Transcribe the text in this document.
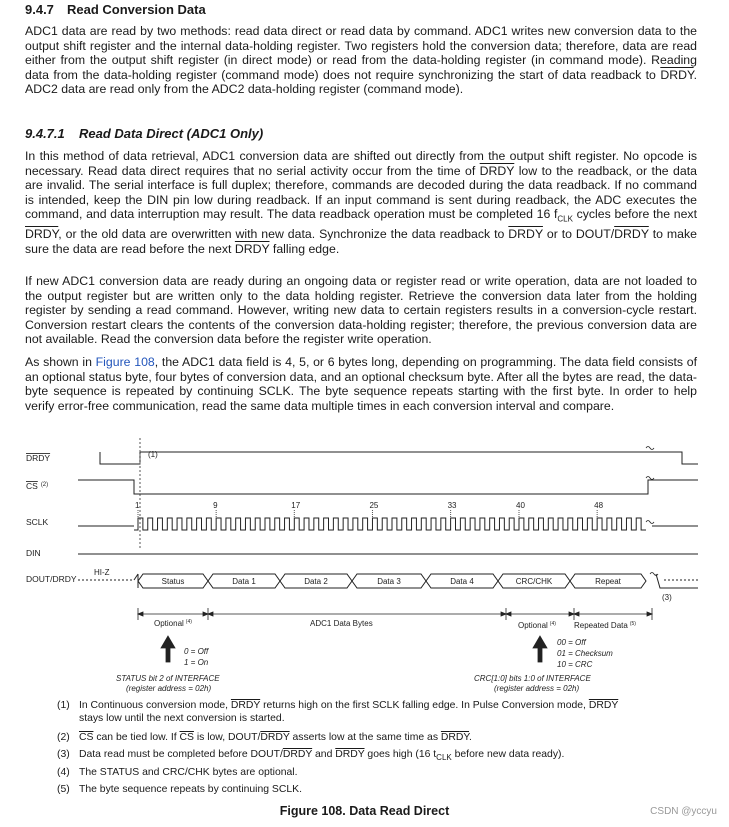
9.4.7 Read Conversion Data

ADC1 data are read by two methods: read data direct or read data by command. ADC1 writes new conversion data to the output shift register and the internal data-holding register. Two registers hold the conversion data; therefore, data are read either from the output shift register (in direct mode) or read from the data-holding register (in command mode). Reading data from the data-holding register (command mode) does not require synchronizing the start of data readback to DRDY. ADC2 data are read only from the ADC2 data-holding register (command mode).

9.4.7.1 Read Data Direct (ADC1 Only)

In this method of data retrieval, ADC1 conversion data are shifted out directly from the output shift register. No opcode is necessary. Read data direct requires that no serial activity occur from the time of DRDY low to the readback, or the data are invalid. The serial interface is full duplex; therefore, commands are decoded during the data readback. If no command is intended, keep the DIN pin low during readback. If an input command is sent during readback, the ADC executes the command, and data interruption may result. The data readback operation must be completed 16 $f_{CLK}$ cycles before the next DRDY, or the old data are overwritten with new data. Synchronize the data readback to DRDY or to DOUT/DRDY to make sure the data are read before the next DRDY falling edge.

If new ADC1 conversion data are ready during an ongoing data or register read or write operation, data are not loaded to the output register but are written only to the data holding register. Retrieve the conversion data later from the holding register by sending a read command. However, writing new data to certain registers results in a conversion-cycle restart. Conversion restart clears the contents of the conversion data-holding register; therefore, the previous conversion data are not available. Read the conversion data before the register write operation.

As shown in Figure 108, the ADC1 data field is 4, 5, or 6 bytes long, depending on programming. The data field consists of an optional status byte, four bytes of conversion data, and an optional checksum byte. After all the bytes are read, the data-byte sequence is repeated by continuing SCLK. The byte sequence repeats starting with the first byte. In order to help verify error-free communication, read the same data multiple times in each conversion interval and compare.

Status	Data 1	Data 2	Data 3	Data 4	CRC/CHK	Repeat
1	9	17	25	33	40	48
DRDY
CS $^{(2)}$
SCLK
DIN
DOUT/DRDY
(1)
HI-Z
(3)
Optional $^{(4)}$	ADC1 Data Bytes	Optional $^{(4)}$ Repeated Data $^{(5)}$
0 = Off
1 = On
STATUS bit 2 of INTERFACE
(register address = 02h)
00 = Off
01 = Checksum
10 = CRC
CRC[1:0] bits 1:0 of INTERFACE
(register address = 02h)
(1) In Continuous conversion mode, DRDY returns high on the first SCLK falling edge. In Pulse Conversion mode, DRDY
stays low until the next conversion is started.
(2) $\overline{CS}$ can be tied low. If $\overline{CS}$ is low, DOUT/DRDY asserts low at the same time as DRDY.
(3) Data read must be completed before DOUT/DRDY and DRDY goes high (16 $t_{CLK}$ before new data ready).
(4) The STATUS and CRC/CHK bytes are optional.
(5) The byte sequence repeats by continuing SCLK.
Figure 108. Data Read Direct	CSDN @yccyu
